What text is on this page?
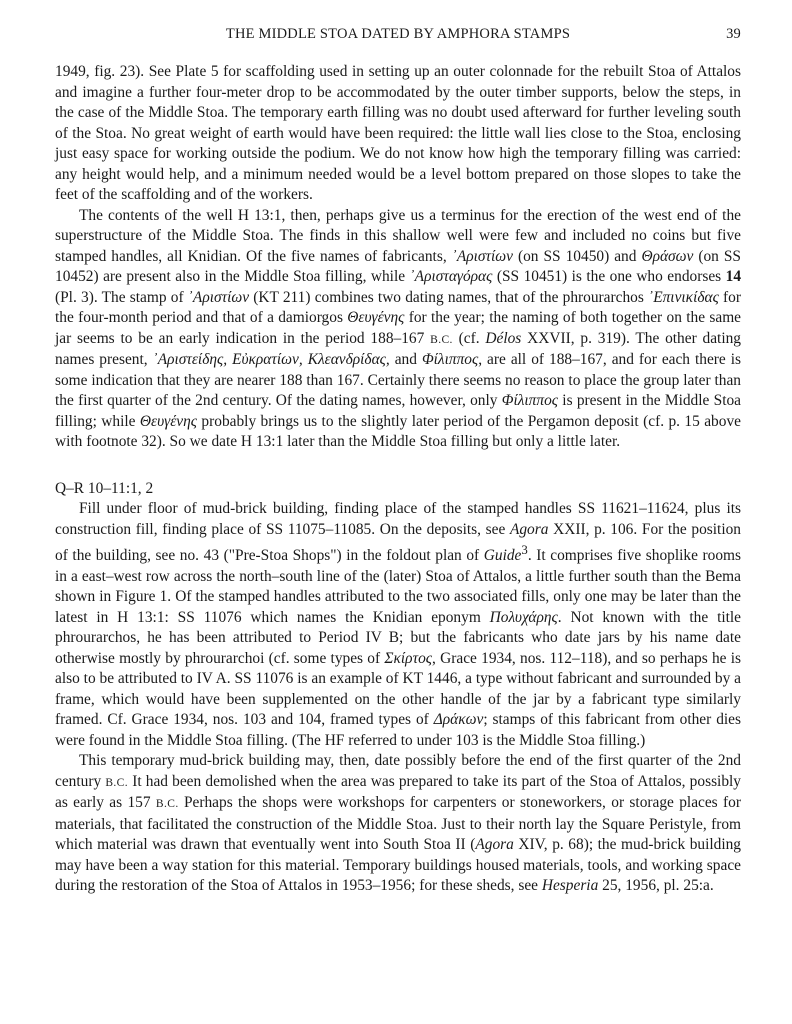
THE MIDDLE STOA DATED BY AMPHORA STAMPS	39

1949, fig. 23). See Plate 5 for scaffolding used in setting up an outer colonnade for the rebuilt Stoa of Attalos and imagine a further four-meter drop to be accommodated by the outer timber supports, below the steps, in the case of the Middle Stoa. The temporary earth filling was no doubt used afterward for further leveling south of the Stoa. No great weight of earth would have been required: the little wall lies close to the Stoa, enclosing just easy space for working outside the podium. We do not know how high the temporary filling was carried: any height would help, and a minimum needed would be a level bottom prepared on those slopes to take the feet of the scaffolding and of the workers.

The contents of the well H 13:1, then, perhaps give us a terminus for the erection of the west end of the superstructure of the Middle Stoa. The finds in this shallow well were few and included no coins but five stamped handles, all Knidian. Of the five names of fabricants, ᾿Αριστίων (on SS 10450) and Θράσων (on SS 10452) are present also in the Middle Stoa filling, while ᾿Αρισταγόρας (SS 10451) is the one who endorses 14 (Pl. 3). The stamp of ᾿Αριστίων (KT 211) combines two dating names, that of the phrourarchos ᾿Επινικίδας for the four-month period and that of a damiorgos Θευγένης for the year; the naming of both together on the same jar seems to be an early indication in the period 188–167 B.C. (cf. Délos XXVII, p. 319). The other dating names present, ᾿Αριστείδης, Εὐκρατίων, Κλεανδρίδας, and Φίλιππος, are all of 188–167, and for each there is some indication that they are nearer 188 than 167. Certainly there seems no reason to place the group later than the first quarter of the 2nd century. Of the dating names, however, only Φίλιππος is present in the Middle Stoa filling; while Θευγένης probably brings us to the slightly later period of the Pergamon deposit (cf. p. 15 above with footnote 32). So we date H 13:1 later than the Middle Stoa filling but only a little later.

Q–R 10–11:1, 2

Fill under floor of mud-brick building, finding place of the stamped handles SS 11621–11624, plus its construction fill, finding place of SS 11075–11085. On the deposits, see Agora XXII, p. 106. For the position of the building, see no. 43 ("Pre-Stoa Shops") in the foldout plan of Guide$^3$. It comprises five shoplike rooms in a east–west row across the north–south line of the (later) Stoa of Attalos, a little further south than the Bema shown in Figure 1. Of the stamped handles attributed to the two associated fills, only one may be later than the latest in H 13:1: SS 11076 which names the Knidian eponym Πολυχάρης. Not known with the title phrourarchos, he has been attributed to Period IV B; but the fabricants who date jars by his name date otherwise mostly by phrourarchoi (cf. some types of Σκίρτος, Grace 1934, nos. 112–118), and so perhaps he is also to be attributed to IV A. SS 11076 is an example of KT 1446, a type without fabricant and surrounded by a frame, which would have been supplemented on the other handle of the jar by a fabricant type similarly framed. Cf. Grace 1934, nos. 103 and 104, framed types of Δράκων; stamps of this fabricant from other dies were found in the Middle Stoa filling. (The HF referred to under 103 is the Middle Stoa filling.)

This temporary mud-brick building may, then, date possibly before the end of the first quarter of the 2nd century B.C. It had been demolished when the area was prepared to take its part of the Stoa of Attalos, possibly as early as 157 B.C. Perhaps the shops were workshops for carpenters or stoneworkers, or storage places for materials, that facilitated the construction of the Middle Stoa. Just to their north lay the Square Peristyle, from which material was drawn that eventually went into South Stoa II (Agora XIV, p. 68); the mud-brick building may have been a way station for this material. Temporary buildings housed materials, tools, and working space during the restoration of the Stoa of Attalos in 1953–1956; for these sheds, see Hesperia 25, 1956, pl. 25:a.
